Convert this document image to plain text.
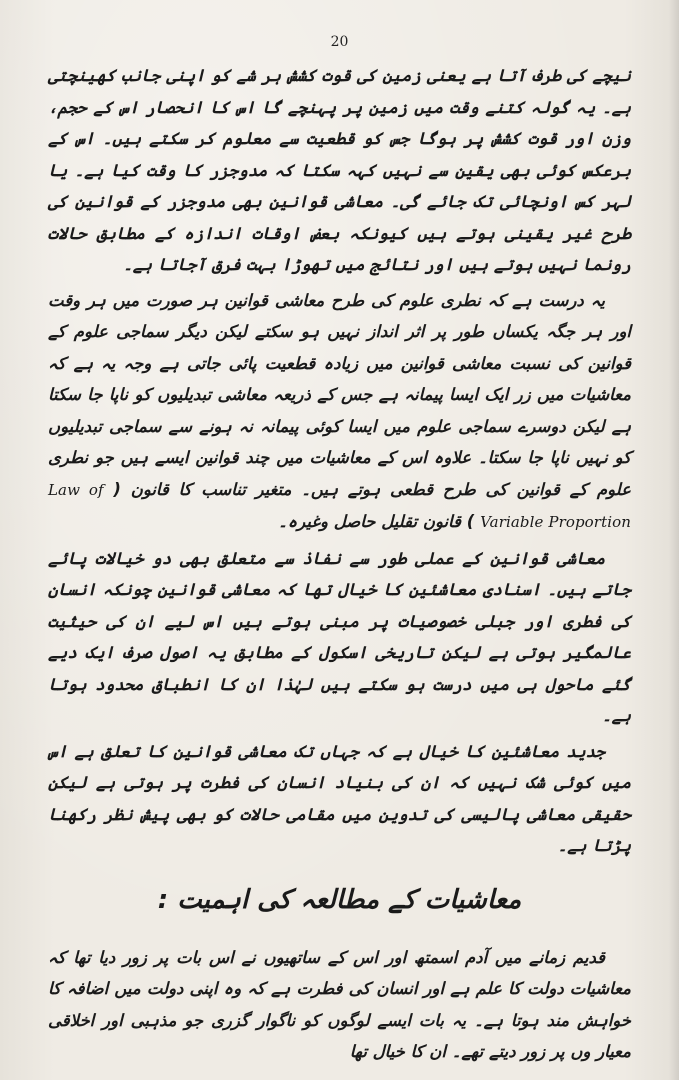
20

نیچے کی طرف آتا ہے یعنی زمین کی قوت کشش ہر شے کو اپنی جانب کھینچتی ہے۔ یہ گولہ کتنے وقت میں زمین پر پہنچے گا اس کا انحصار اس کے حجم، وزن اور قوت کشش پر ہوگا جس کو قطعیت سے معلوم کر سکتے ہیں۔ اس کے برعکس کوئی بھی یقین سے نہیں کہہ سکتا کہ مدوجزر کا وقت کیا ہے۔ یا لہر کس اونچائی تک جائے گی۔ معاشی قوانین بھی مدوجزر کے قوانین کی طرح غیر یقینی ہوتے ہیں کیونکہ بعض اوقات اندازہ کے مطابق حالات رونما نہیں ہوتے ہیں اور نتائج میں تھوڑا بہت فرق آجاتا ہے۔

یہ درست ہے کہ نطری علوم کی طرح معاشی قوانین ہر صورت میں ہر وقت اور ہر جگہ یکساں طور پر اثر انداز نہیں ہو سکتے لیکن دیگر سماجی علوم کے قوانین کی نسبت معاشی قوانین میں زیادہ قطعیت پائی جاتی ہے وجہ یہ ہے کہ معاشیات میں زر ایک ایسا پیمانہ ہے جس کے ذریعہ معاشی تبدیلیوں کو ناپا جا سکتا ہے لیکن دوسرے سماجی علوم میں ایسا کوئی پیمانہ نہ ہونے سے سماجی تبدیلیوں کو نہیں ناپا جا سکتا۔ علاوہ اس کے معاشیات میں چند قوانین ایسے ہیں جو نطری علوم کے قوانین کی طرح قطعی ہوتے ہیں۔ متغیر تناسب کا قانون ( Law of Variable Proportion ) قانون تقلیل حاصل وغیرہ۔

معاشی قوانین کے عملی طور سے نفاذ سے متعلق بھی دو خیالات پائے جاتے ہیں۔ اسنادی معاشئین کا خیال تھا کہ معاشی قوانین چونکہ انسان کی فطری اور جبلی خصوصیات پر مبنی ہوتے ہیں اس لیے ان کی حیثیت عالمگیر ہوتی ہے لیکن تاریخی اسکول کے مطابق یہ اصول صرف ایک دیے گئے ماحول ہی میں درست ہو سکتے ہیں لہٰذا ان کا انطباق محدود ہوتا ہے۔

جدید معاشئین کا خیال ہے کہ جہاں تک معاشی قوانین کا تعلق ہے اس میں کوئی شک نہیں کہ ان کی بنیاد انسان کی فطرت پر ہوتی ہے لیکن حقیقی معاشی پالیسی کی تدوین میں مقامی حالات کو بھی پیش نظر رکھنا پڑتا ہے۔

معاشیات کے مطالعہ کی اہمیت :

قدیم زمانے میں آدم اسمتھ اور اس کے ساتھیوں نے اس بات پر زور دیا تھا کہ معاشیات دولت کا علم ہے اور انسان کی فطرت ہے کہ وہ اپنی دولت میں اضافہ کا خواہش مند ہوتا ہے۔ یہ بات ایسے لوگوں کو ناگوار گزری جو مذہبی اور اخلاقی معیار وں پر زور دیتے تھے۔ ان کا خیال تھا
